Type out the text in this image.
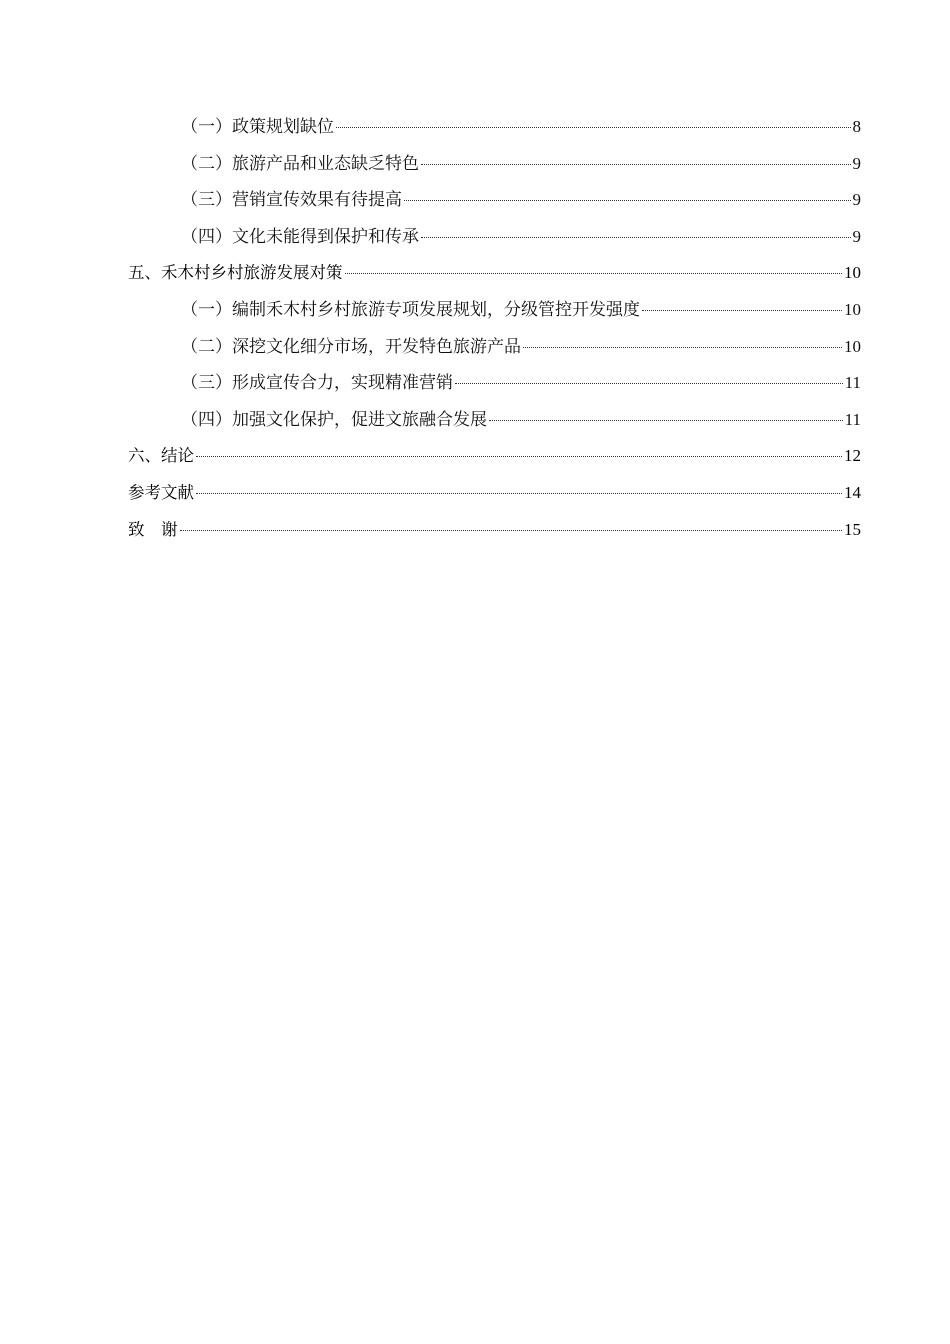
（一）政策规划缺位	8
（二）旅游产品和业态缺乏特色	9
（三）营销宣传效果有待提高	9
（四）文化未能得到保护和传承	9
五、禾木村乡村旅游发展对策	10
（一）编制禾木村乡村旅游专项发展规划，分级管控开发强度	10
（二）深挖文化细分市场，开发特色旅游产品	10
（三）形成宣传合力，实现精准营销	11
（四）加强文化保护，促进文旅融合发展	11
六、结论	12
参考文献	14
致　谢	15
